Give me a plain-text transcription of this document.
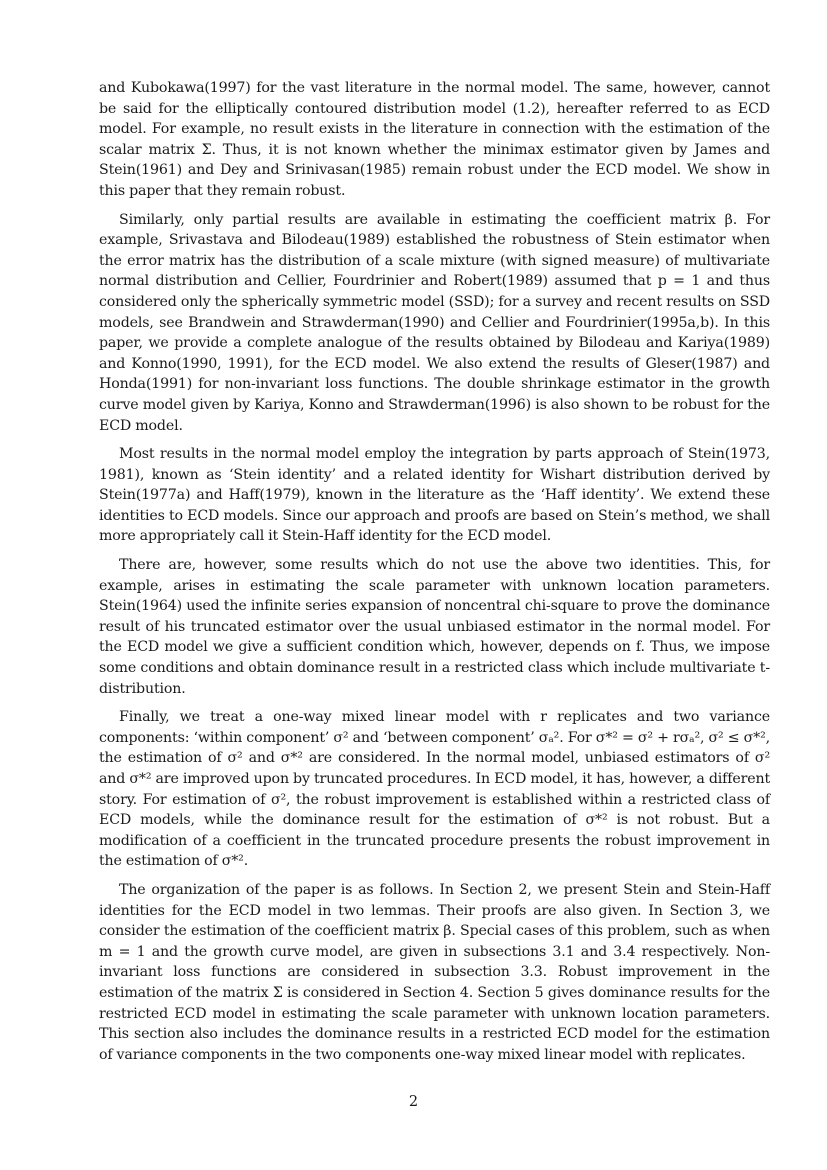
and Kubokawa(1997) for the vast literature in the normal model. The same, however, cannot be said for the elliptically contoured distribution model (1.2), hereafter referred to as ECD model. For example, no result exists in the literature in connection with the estimation of the scalar matrix Σ. Thus, it is not known whether the minimax estimator given by James and Stein(1961) and Dey and Srinivasan(1985) remain robust under the ECD model. We show in this paper that they remain robust.

Similarly, only partial results are available in estimating the coefficient matrix β. For example, Srivastava and Bilodeau(1989) established the robustness of Stein estimator when the error matrix has the distribution of a scale mixture (with signed measure) of multivariate normal distribution and Cellier, Fourdrinier and Robert(1989) assumed that p = 1 and thus considered only the spherically symmetric model (SSD); for a survey and recent results on SSD models, see Brandwein and Strawderman(1990) and Cellier and Fourdrinier(1995a,b). In this paper, we provide a complete analogue of the results obtained by Bilodeau and Kariya(1989) and Konno(1990, 1991), for the ECD model. We also extend the results of Gleser(1987) and Honda(1991) for non-invariant loss functions. The double shrinkage estimator in the growth curve model given by Kariya, Konno and Strawderman(1996) is also shown to be robust for the ECD model.

Most results in the normal model employ the integration by parts approach of Stein(1973, 1981), known as ‘Stein identity’ and a related identity for Wishart distribution derived by Stein(1977a) and Haff(1979), known in the literature as the ‘Haff identity’. We extend these identities to ECD models. Since our approach and proofs are based on Stein’s method, we shall more appropriately call it Stein-Haff identity for the ECD model.

There are, however, some results which do not use the above two identities. This, for example, arises in estimating the scale parameter with unknown location parameters. Stein(1964) used the infinite series expansion of noncentral chi-square to prove the dominance result of his truncated estimator over the usual unbiased estimator in the normal model. For the ECD model we give a sufficient condition which, however, depends on f. Thus, we impose some conditions and obtain dominance result in a restricted class which include multivariate t-distribution.

Finally, we treat a one-way mixed linear model with r replicates and two variance components: ‘within component’ σ² and ‘between component’ σₐ². For σ*² = σ² + rσₐ², σ² ≤ σ*², the estimation of σ² and σ*² are considered. In the normal model, unbiased estimators of σ² and σ*² are improved upon by truncated procedures. In ECD model, it has, however, a different story. For estimation of σ², the robust improvement is established within a restricted class of ECD models, while the dominance result for the estimation of σ*² is not robust. But a modification of a coefficient in the truncated procedure presents the robust improvement in the estimation of σ*².

The organization of the paper is as follows. In Section 2, we present Stein and Stein-Haff identities for the ECD model in two lemmas. Their proofs are also given. In Section 3, we consider the estimation of the coefficient matrix β. Special cases of this problem, such as when m = 1 and the growth curve model, are given in subsections 3.1 and 3.4 respectively. Non-invariant loss functions are considered in subsection 3.3. Robust improvement in the estimation of the matrix Σ is considered in Section 4. Section 5 gives dominance results for the restricted ECD model in estimating the scale parameter with unknown location parameters. This section also includes the dominance results in a restricted ECD model for the estimation of variance components in the two components one-way mixed linear model with replicates.

2
